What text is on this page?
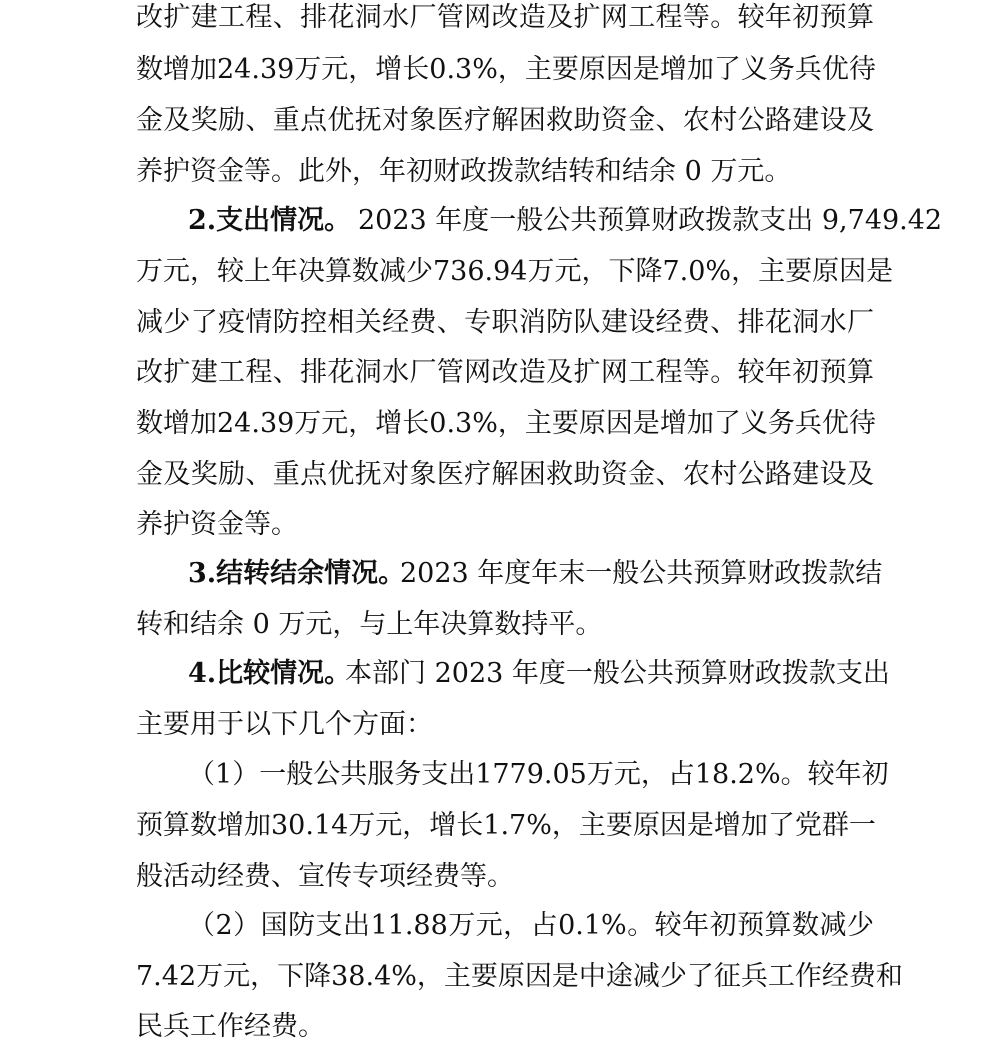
改 扩 建 工 程 、 排 花 洞 水 厂 管 网 改 造 及 扩 网 工 程 等 。 较 年 初 预 算
数 增 加 24.39 万 元 ， 增 长 0.3% ， 主 要 原 因 是 增 加 了 义 务 兵 优 待
金 及 奖 励 、 重 点 优 抚 对 象 医 疗 解 困 救 助 资 金 、 农 村 公 路 建 设 及
养护资金等。此外，年初财政拨款结转和结余 0 万元。
2.支出情况。 2023 年度一般公共预算财政拨款支出 9,749.42
万 元 ， 较 上 年 决 算 数 减 少 736.94 万 元 ， 下 降 7.0% ， 主 要 原 因 是
减 少 了 疫 情 防 控 相 关 经 费 、 专 职 消 防 队 建 设 经 费 、 排 花 洞 水 厂
改 扩 建 工 程 、 排 花 洞 水 厂 管 网 改 造 及 扩 网 工 程 等 。 较 年 初 预 算
数 增 加 24.39 万 元 ， 增 长 0.3% ， 主 要 原 因 是 增 加 了 义 务 兵 优 待
金 及 奖 励 、 重 点 优 抚 对 象 医 疗 解 困 救 助 资 金 、 农 村 公 路 建 设 及
养护资金等。
3.结转结余情况。
2023 年度年末一般公共预算财政拨款结
转和结余 0 万元，与上年决算数持平。
4.比较情况。
本部门 2023 年度一般公共预算财政拨款支出
主要用于以下几个方面：
（ 1 ） 一 般 公 共 服 务 支 出 1779.05 万 元 ， 占 18.2% 。 较 年 初
预 算 数 增 加 30.14 万 元 ， 增 长 1.7% ， 主 要 原 因 是 增 加 了 党 群 一
般活动经费、宣传专项经费等。
（ 2 ） 国 防 支 出 11.88 万 元 ， 占 0.1% 。 较 年 初 预 算 数 减 少
7.42 万 元 ， 下 降 38.4% ， 主 要 原 因 是 中 途 减 少 了 征 兵 工 作 经 费 和
民兵工作经费。
